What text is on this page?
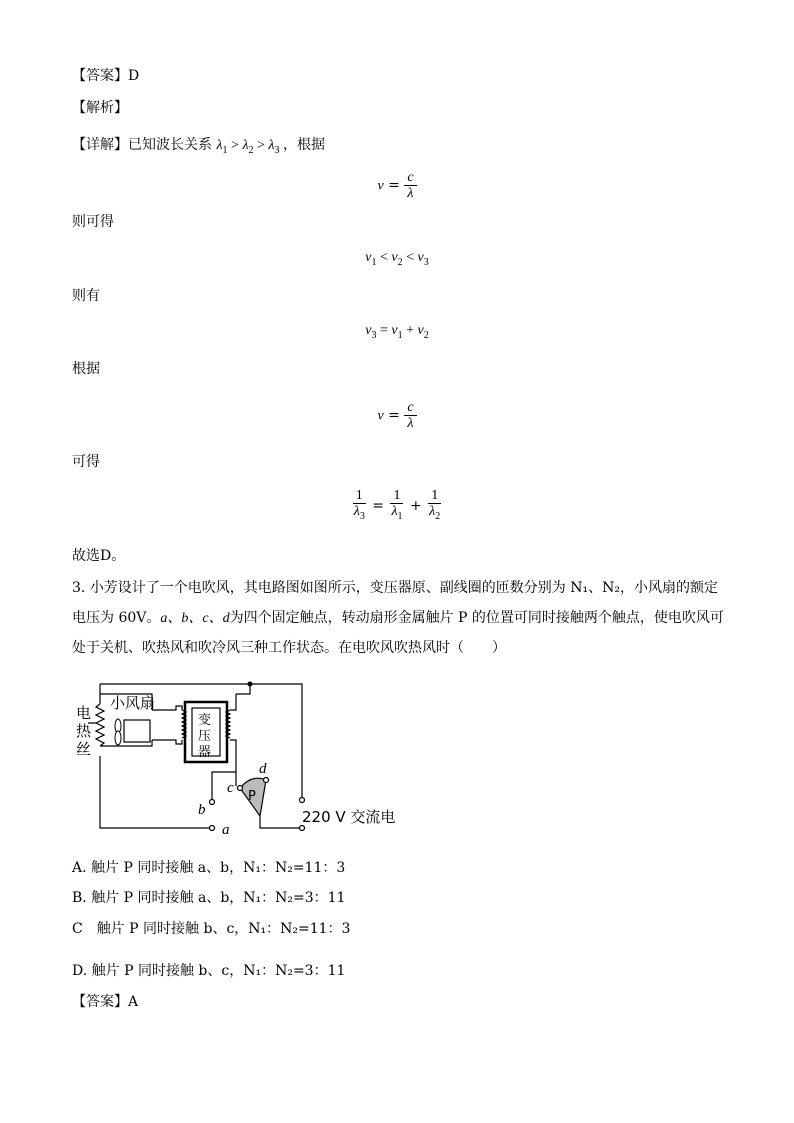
【答案】D
【解析】
【详解】已知波长关系 $\lambda_1 > \lambda_2 > \lambda_3$ ，根据
$\nu = \frac{c}{\lambda}$
则可得
$\nu_1 < \nu_2 < \nu_3$
则有
$\nu_3 = \nu_1 + \nu_2$
根据
$\nu = \frac{c}{\lambda}$
可得
$\frac{1}{\lambda_3} = \frac{1}{\lambda_1} + \frac{1}{\lambda_2}$
故选D。
3. 小芳设计了一个电吹风，其电路图如图所示，变压器原、副线圈的匝数分别为 N₁、N₂，小风扇的额定
电压为 60V。a、b、c、d为四个固定触点，转动扇形金属触片 P 的位置可同时接触两个触点，使电吹风可
处于关机、吹热风和吹冷风三种工作状态。在电吹风吹热风时（　　）
电
热
丝
小风扇
变
压
器
P
220 V 交流电
a
b
c
d
A. 触片 P 同时接触 a、b，N₁：N₂=11：3
B. 触片 P 同时接触 a、b，N₁：N₂=3：11
C　 触片 P 同时接触 b、c，N₁：N₂=11：3
D. 触片 P 同时接触 b、c，N₁：N₂=3：11
【答案】A
